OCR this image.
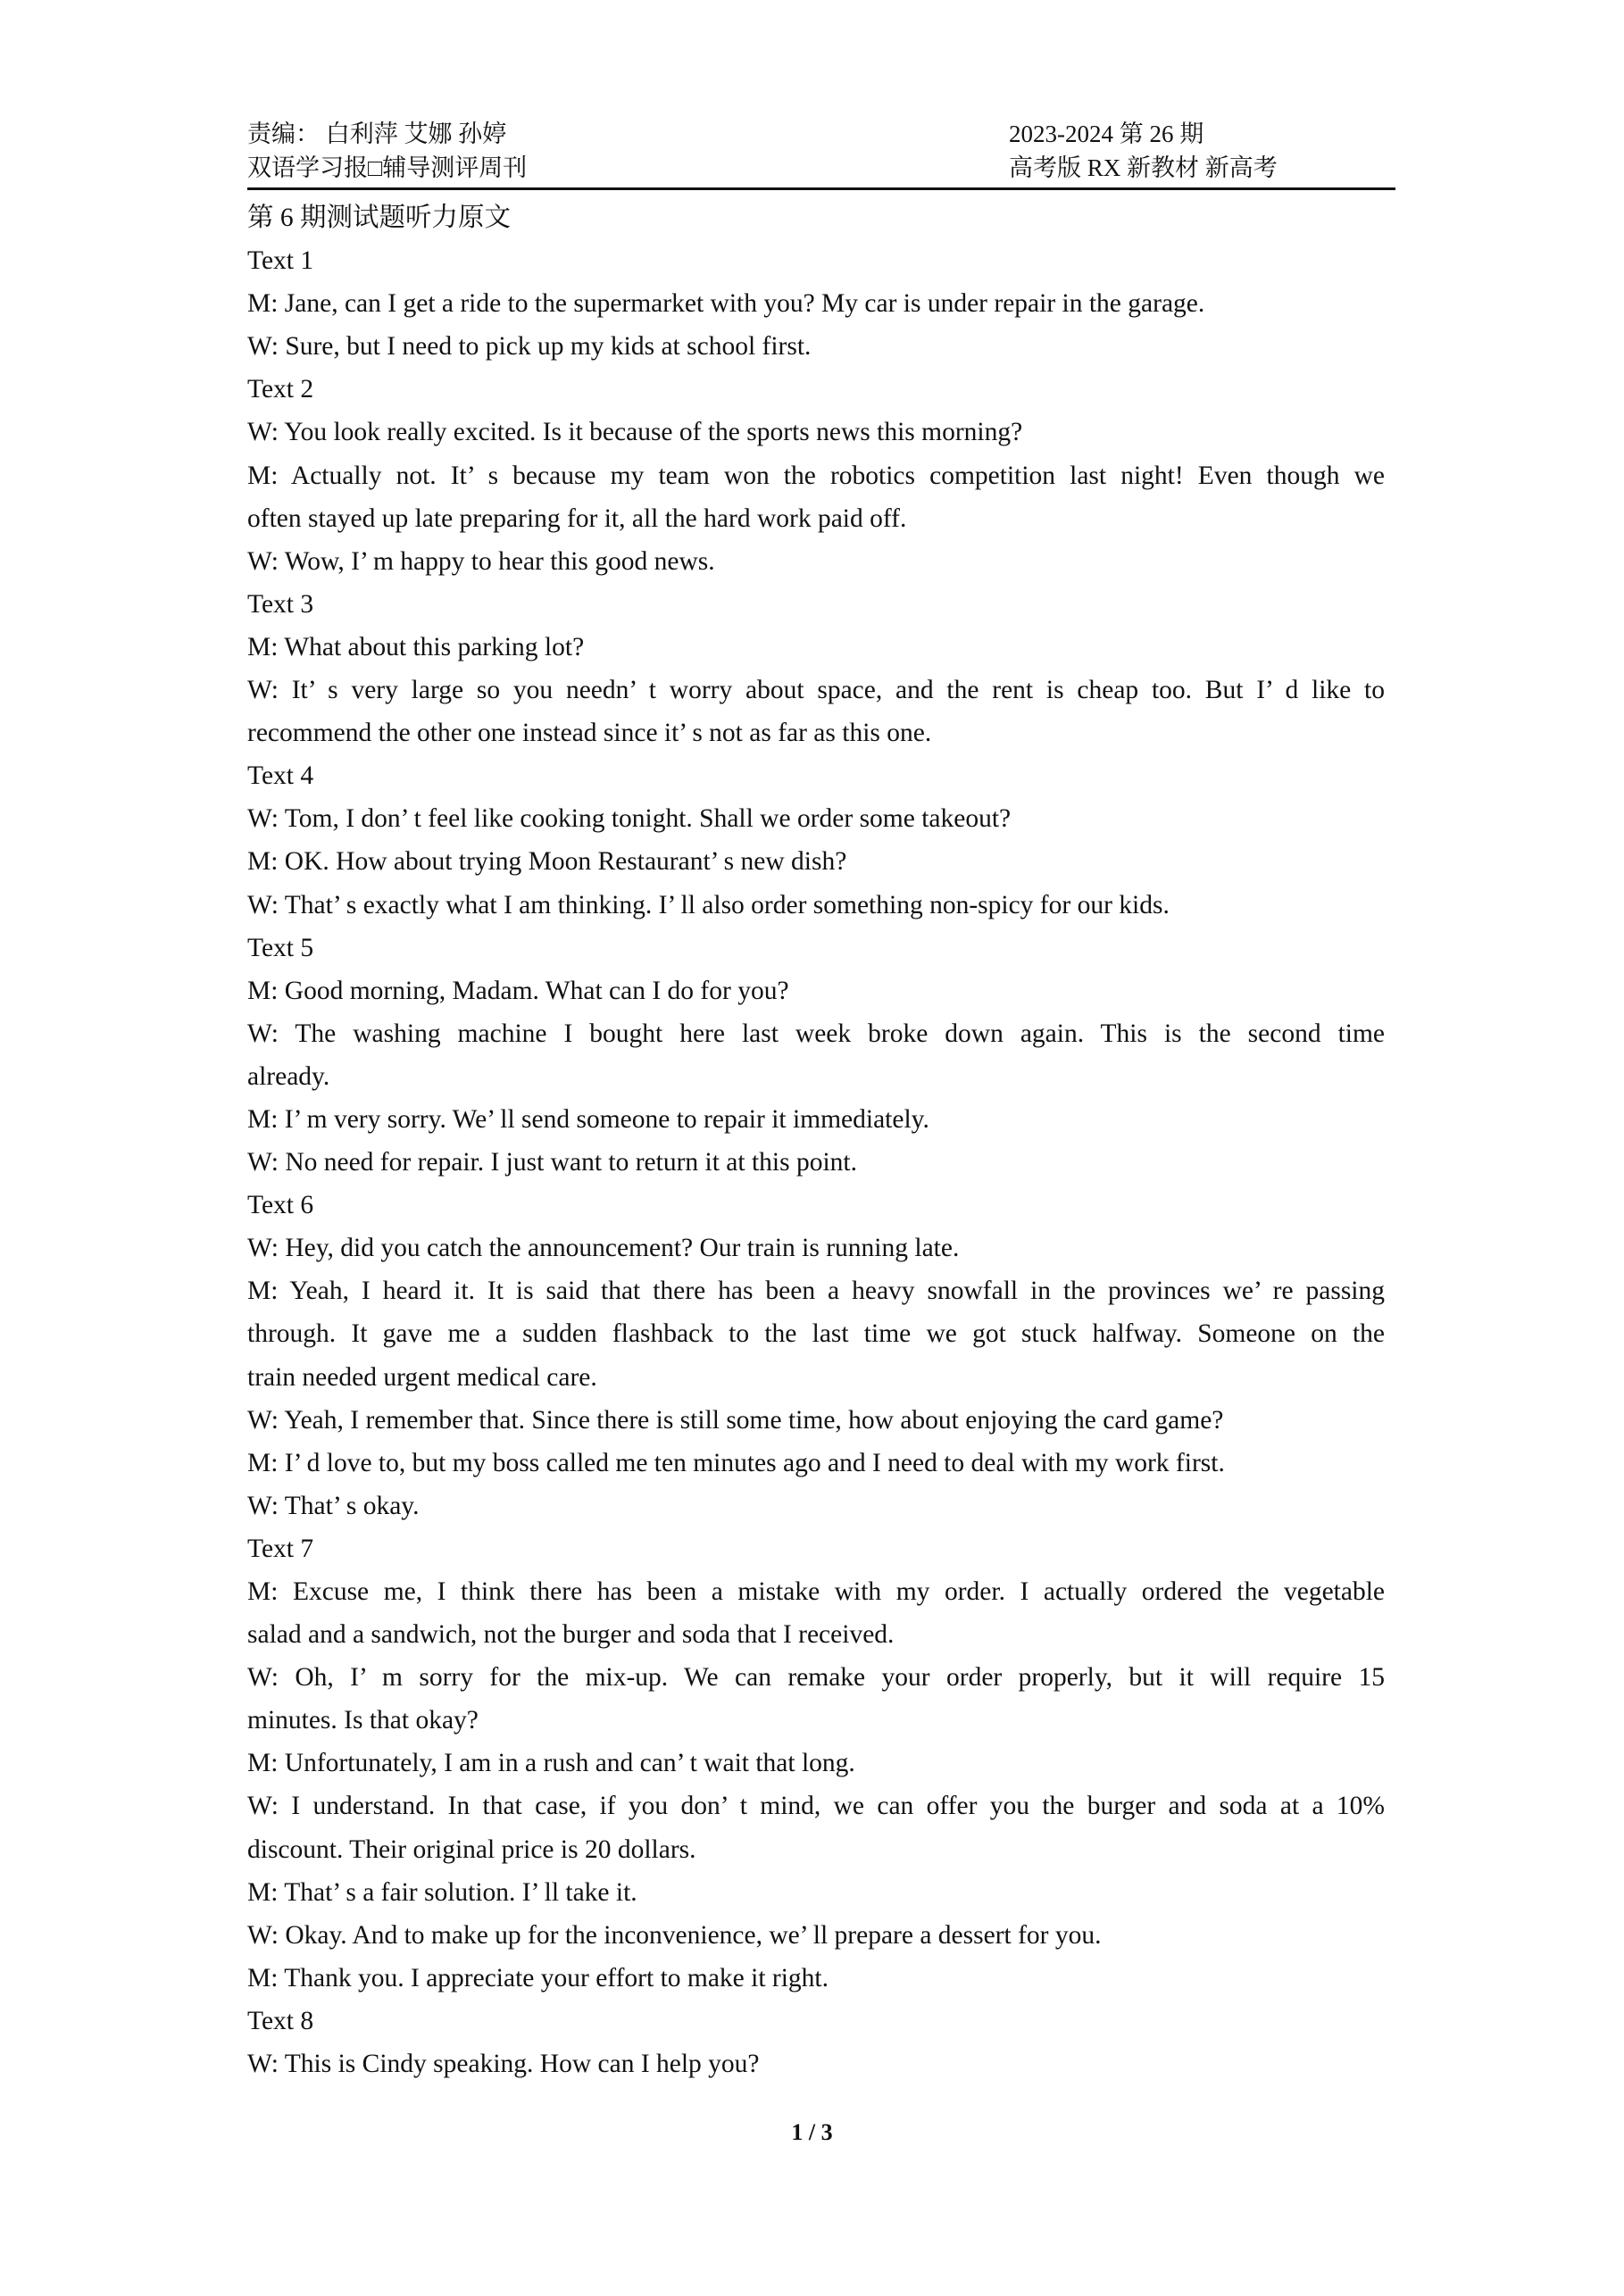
责编： 白利萍 艾娜 孙婷
双语学习报□辅导测评周刊
2023-2024 第 26 期
高考版 RX 新教材 新高考
第 6 期测试题听力原文
Text 1
M: Jane, can I get a ride to the supermarket with you? My car is under repair in the garage.
W: Sure, but I need to pick up my kids at school first.
Text 2
W: You look really excited. Is it because of the sports news this morning?
M: Actually not. It’ s because my team won the robotics competition last night! Even though we
often stayed up late preparing for it, all the hard work paid off.
W: Wow, I’ m happy to hear this good news.
Text 3
M: What about this parking lot?
W: It’ s very large so you needn’ t worry about space, and the rent is cheap too. But I’ d like to
recommend the other one instead since it’ s not as far as this one.
Text 4
W: Tom, I don’ t feel like cooking tonight. Shall we order some takeout?
M: OK. How about trying Moon Restaurant’ s new dish?
W: That’ s exactly what I am thinking. I’ ll also order something non-spicy for our kids.
Text 5
M: Good morning, Madam. What can I do for you?
W: The washing machine I bought here last week broke down again. This is the second time
already.
M: I’ m very sorry. We’ ll send someone to repair it immediately.
W: No need for repair. I just want to return it at this point.
Text 6
W: Hey, did you catch the announcement? Our train is running late.
M: Yeah, I heard it. It is said that there has been a heavy snowfall in the provinces we’ re passing
through. It gave me a sudden flashback to the last time we got stuck halfway. Someone on the
train needed urgent medical care.
W: Yeah, I remember that. Since there is still some time, how about enjoying the card game?
M: I’ d love to, but my boss called me ten minutes ago and I need to deal with my work first.
W: That’ s okay.
Text 7
M: Excuse me, I think there has been a mistake with my order. I actually ordered the vegetable
salad and a sandwich, not the burger and soda that I received.
W: Oh, I’ m sorry for the mix-up. We can remake your order properly, but it will require 15
minutes. Is that okay?
M: Unfortunately, I am in a rush and can’ t wait that long.
W: I understand. In that case, if you don’ t mind, we can offer you the burger and soda at a 10%
discount. Their original price is 20 dollars.
M: That’ s a fair solution. I’ ll take it.
W: Okay. And to make up for the inconvenience, we’ ll prepare a dessert for you.
M: Thank you. I appreciate your effort to make it right.
Text 8
W: This is Cindy speaking. How can I help you?
1 / 3
